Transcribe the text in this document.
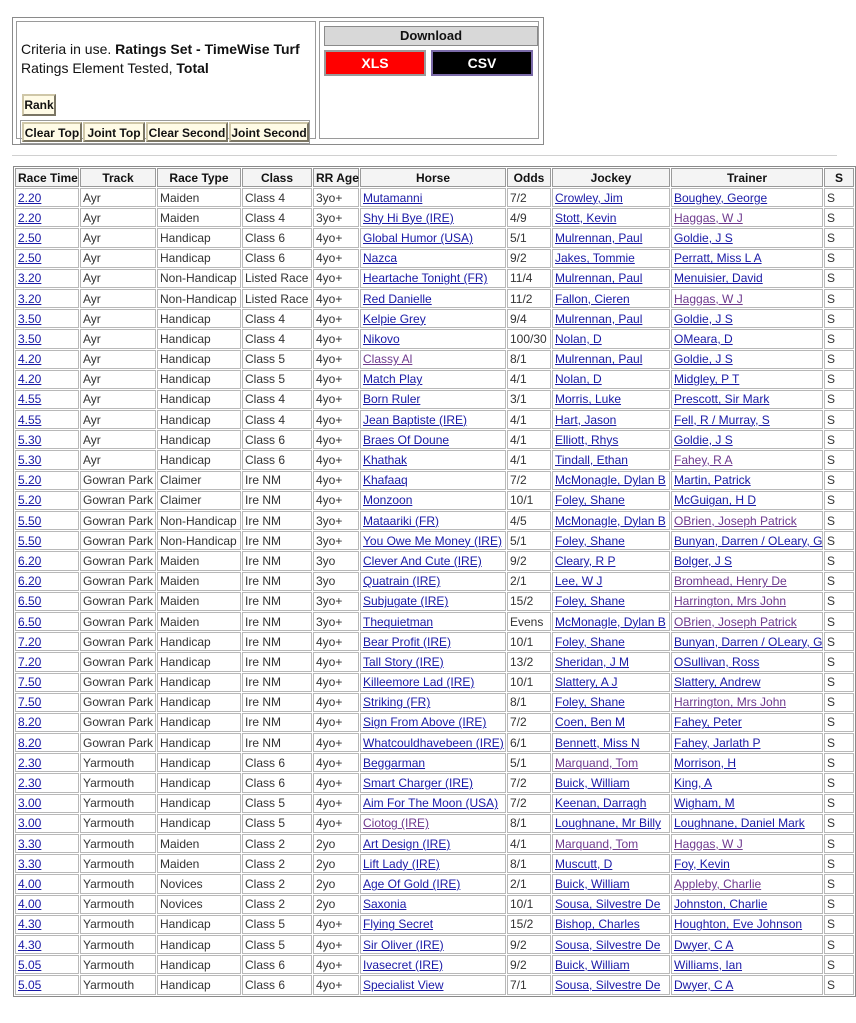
Criteria in use. Ratings Set - TimeWise Turf
Ratings Element Tested, Total
Rank
Clear Top Joint Top Clear Second Joint Second
Download
XLS	CSV
Race Time	Track	Race Type	Class	RR Age	Horse	Odds	Jockey	Trainer	S
2.20	Ayr	Maiden	Class 4	3yo+	Mutamanni	7/2	Crowley, Jim	Boughey, George	S
2.20	Ayr	Maiden	Class 4	3yo+	Shy Hi Bye (IRE)	4/9	Stott, Kevin	Haggas, W J	S
2.50	Ayr	Handicap	Class 6	4yo+	Global Humor (USA)	5/1	Mulrennan, Paul	Goldie, J S	S
2.50	Ayr	Handicap	Class 6	4yo+	Nazca	9/2	Jakes, Tommie	Perratt, Miss L A	S
3.20	Ayr	Non-Handicap	Listed Race	4yo+	Heartache Tonight (FR)	11/4	Mulrennan, Paul	Menuisier, David	S
3.20	Ayr	Non-Handicap	Listed Race	4yo+	Red Danielle	11/2	Fallon, Cieren	Haggas, W J	S
3.50	Ayr	Handicap	Class 4	4yo+	Kelpie Grey	9/4	Mulrennan, Paul	Goldie, J S	S
3.50	Ayr	Handicap	Class 4	4yo+	Nikovo	100/30	Nolan, D	OMeara, D	S
4.20	Ayr	Handicap	Class 5	4yo+	Classy Al	8/1	Mulrennan, Paul	Goldie, J S	S
4.20	Ayr	Handicap	Class 5	4yo+	Match Play	4/1	Nolan, D	Midgley, P T	S
4.55	Ayr	Handicap	Class 4	4yo+	Born Ruler	3/1	Morris, Luke	Prescott, Sir Mark	S
4.55	Ayr	Handicap	Class 4	4yo+	Jean Baptiste (IRE)	4/1	Hart, Jason	Fell, R / Murray, S	S
5.30	Ayr	Handicap	Class 6	4yo+	Braes Of Doune	4/1	Elliott, Rhys	Goldie, J S	S
5.30	Ayr	Handicap	Class 6	4yo+	Khathak	4/1	Tindall, Ethan	Fahey, R A	S
5.20	Gowran Park	Claimer	Ire NM	4yo+	Khafaaq	7/2	McMonagle, Dylan B	Martin, Patrick	S
5.20	Gowran Park	Claimer	Ire NM	4yo+	Monzoon	10/1	Foley, Shane	McGuigan, H D	S
5.50	Gowran Park	Non-Handicap	Ire NM	3yo+	Mataariki (FR)	4/5	McMonagle, Dylan B	OBrien, Joseph Patrick	S
5.50	Gowran Park	Non-Handicap	Ire NM	3yo+	You Owe Me Money (IRE)	5/1	Foley, Shane	Bunyan, Darren / OLeary, G	S
6.20	Gowran Park	Maiden	Ire NM	3yo	Clever And Cute (IRE)	9/2	Cleary, R P	Bolger, J S	S
6.20	Gowran Park	Maiden	Ire NM	3yo	Quatrain (IRE)	2/1	Lee, W J	Bromhead, Henry De	S
6.50	Gowran Park	Maiden	Ire NM	3yo+	Subjugate (IRE)	15/2	Foley, Shane	Harrington, Mrs John	S
6.50	Gowran Park	Maiden	Ire NM	3yo+	Thequietman	Evens	McMonagle, Dylan B	OBrien, Joseph Patrick	S
7.20	Gowran Park	Handicap	Ire NM	4yo+	Bear Profit (IRE)	10/1	Foley, Shane	Bunyan, Darren / OLeary, G	S
7.20	Gowran Park	Handicap	Ire NM	4yo+	Tall Story (IRE)	13/2	Sheridan, J M	OSullivan, Ross	S
7.50	Gowran Park	Handicap	Ire NM	4yo+	Killeemore Lad (IRE)	10/1	Slattery, A J	Slattery, Andrew	S
7.50	Gowran Park	Handicap	Ire NM	4yo+	Striking (FR)	8/1	Foley, Shane	Harrington, Mrs John	S
8.20	Gowran Park	Handicap	Ire NM	4yo+	Sign From Above (IRE)	7/2	Coen, Ben M	Fahey, Peter	S
8.20	Gowran Park	Handicap	Ire NM	4yo+	Whatcouldhavebeen (IRE)	6/1	Bennett, Miss N	Fahey, Jarlath P	S
2.30	Yarmouth	Handicap	Class 6	4yo+	Beggarman	5/1	Marquand, Tom	Morrison, H	S
2.30	Yarmouth	Handicap	Class 6	4yo+	Smart Charger (IRE)	7/2	Buick, William	King, A	S
3.00	Yarmouth	Handicap	Class 5	4yo+	Aim For The Moon (USA)	7/2	Keenan, Darragh	Wigham, M	S
3.00	Yarmouth	Handicap	Class 5	4yo+	Ciotog (IRE)	8/1	Loughnane, Mr Billy	Loughnane, Daniel Mark	S
3.30	Yarmouth	Maiden	Class 2	2yo	Art Design (IRE)	4/1	Marquand, Tom	Haggas, W J	S
3.30	Yarmouth	Maiden	Class 2	2yo	Lift Lady (IRE)	8/1	Muscutt, D	Foy, Kevin	S
4.00	Yarmouth	Novices	Class 2	2yo	Age Of Gold (IRE)	2/1	Buick, William	Appleby, Charlie	S
4.00	Yarmouth	Novices	Class 2	2yo	Saxonia	10/1	Sousa, Silvestre De	Johnston, Charlie	S
4.30	Yarmouth	Handicap	Class 5	4yo+	Flying Secret	15/2	Bishop, Charles	Houghton, Eve Johnson	S
4.30	Yarmouth	Handicap	Class 5	4yo+	Sir Oliver (IRE)	9/2	Sousa, Silvestre De	Dwyer, C A	S
5.05	Yarmouth	Handicap	Class 6	4yo+	Ivasecret (IRE)	9/2	Buick, William	Williams, Ian	S
5.05	Yarmouth	Handicap	Class 6	4yo+	Specialist View	7/1	Sousa, Silvestre De	Dwyer, C A	S
